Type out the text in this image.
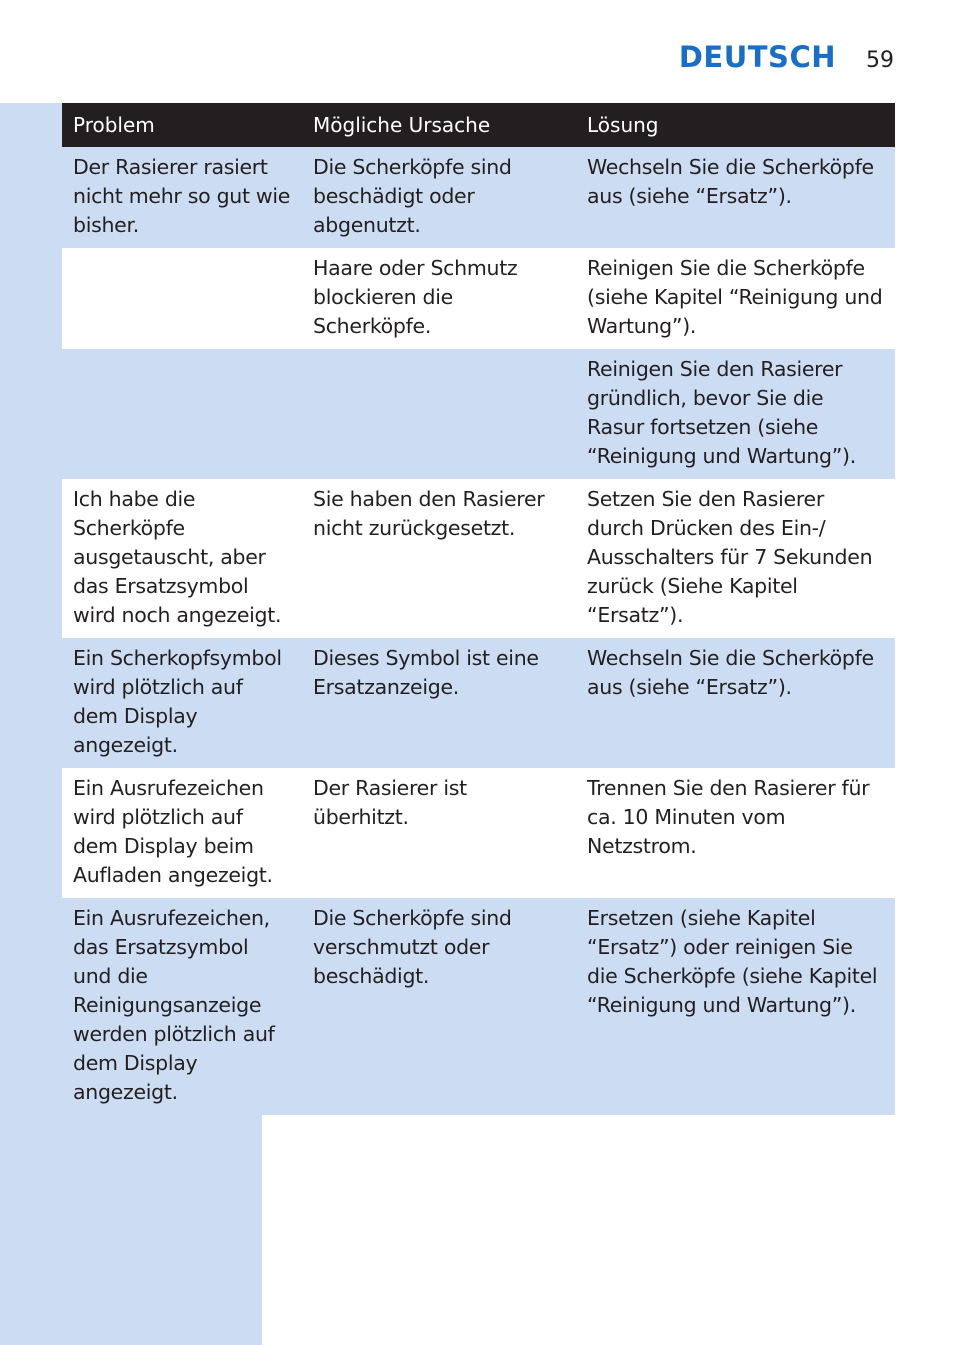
DEUTSCH 59
Problem	Mögliche Ursache	Lösung
Der Rasierer rasiert nicht mehr so gut wie bisher.	Die Scherköpfe sind beschädigt oder abgenutzt.	Wechseln Sie die Scherköpfe aus (siehe “Ersatz”).
	Haare oder Schmutz blockieren die Scherköpfe.	Reinigen Sie die Scherköpfe (siehe Kapitel “Reinigung und Wartung”).
		Reinigen Sie den Rasierer gründlich, bevor Sie die Rasur fortsetzen (siehe “Reinigung und Wartung”).
Ich habe die Scherköpfe ausgetauscht, aber das Ersatzsymbol wird noch angezeigt.	Sie haben den Rasierer nicht zurückgesetzt.	Setzen Sie den Rasierer durch Drücken des Ein-/ Ausschalters für 7 Sekunden zurück (Siehe Kapitel “Ersatz”).
Ein Scherkopfsymbol wird plötzlich auf dem Display angezeigt.	Dieses Symbol ist eine Ersatzanzeige.	Wechseln Sie die Scherköpfe aus (siehe “Ersatz”).
Ein Ausrufezeichen wird plötzlich auf dem Display beim Aufladen angezeigt.	Der Rasierer ist überhitzt.	Trennen Sie den Rasierer für ca. 10 Minuten vom Netzstrom.
Ein Ausrufezeichen, das Ersatzsymbol und die Reinigungsanzeige werden plötzlich auf dem Display angezeigt.	Die Scherköpfe sind verschmutzt oder beschädigt.	Ersetzen (siehe Kapitel “Ersatz”) oder reinigen Sie die Scherköpfe (siehe Kapitel “Reinigung und Wartung”).
